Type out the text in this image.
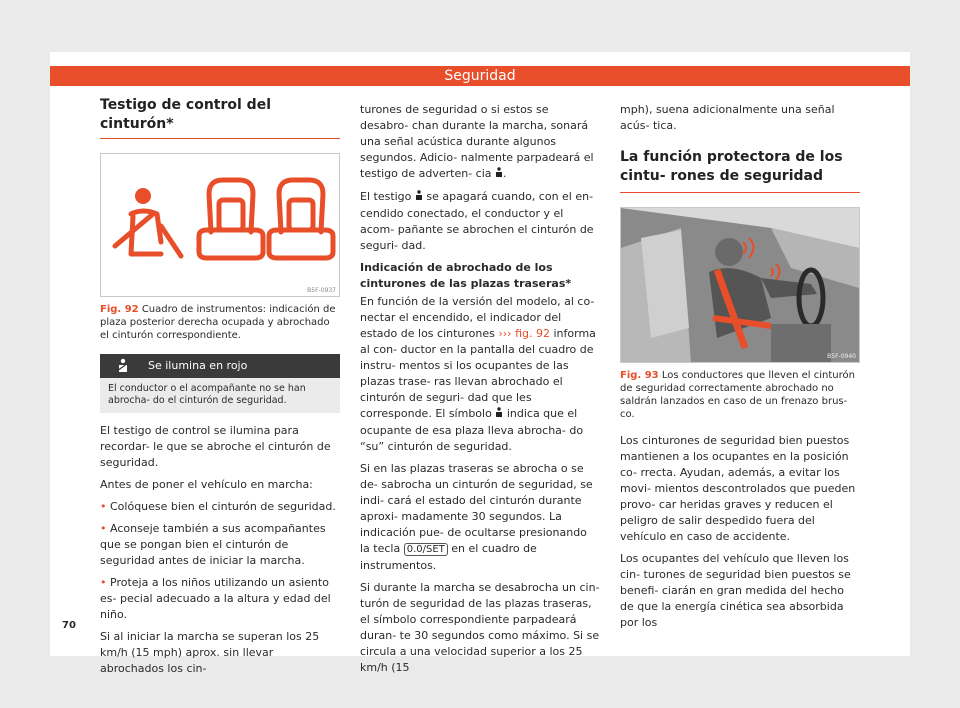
Seguridad
Testigo de control del cinturón*
B5F-0937
Fig. 92 Cuadro de instrumentos: indicación de plaza posterior derecha ocupada y abrochado el cinturón correspondiente.
Se ilumina en rojo
El conductor o el acompañante no se han abrocha- do el cinturón de seguridad.

El testigo de control se ilumina para recordar- le que se abroche el cinturón de seguridad.

Antes de poner el vehículo en marcha:

• Colóquese bien el cinturón de seguridad.

• Aconseje también a sus acompañantes que se pongan bien el cinturón de seguridad antes de iniciar la marcha.

• Proteja a los niños utilizando un asiento es- pecial adecuado a la altura y edad del niño.

Si al iniciar la marcha se superan los 25 km/h (15 mph) aprox. sin llevar abrochados los cin-

turones de seguridad o si estos se desabro- chan durante la marcha, sonará una señal acústica durante algunos segundos. Adicio- nalmente parpadeará el testigo de adverten- cia .

El testigo se apagará cuando, con el en- cendido conectado, el conductor y el acom- pañante se abrochen el cinturón de seguri- dad.

Indicación de abrochado de los cinturones de las plazas traseras*

En función de la versión del modelo, al co- nectar el encendido, el indicador del estado de los cinturones ››› fig. 92 informa al con- ductor en la pantalla del cuadro de instru- mentos si los ocupantes de las plazas trase- ras llevan abrochado el cinturón de seguri- dad que les corresponde. El símbolo indica que el ocupante de esa plaza lleva abrocha- do “su” cinturón de seguridad.

Si en las plazas traseras se abrocha o se de- sabrocha un cinturón de seguridad, se indi- cará el estado del cinturón durante aproxi- madamente 30 segundos. La indicación pue- de ocultarse presionando la tecla 0.0/SET en el cuadro de instrumentos.

Si durante la marcha se desabrocha un cin- turón de seguridad de las plazas traseras, el símbolo correspondiente parpadeará duran- te 30 segundos como máximo. Si se circula a una velocidad superior a los 25 km/h (15

mph), suena adicionalmente una señal acús- tica.

La función protectora de los cintu- rones de seguridad
B5F-0940
Fig. 93 Los conductores que lleven el cinturón de seguridad correctamente abrochado no saldrán lanzados en caso de un frenazo brus- co.

Los cinturones de seguridad bien puestos mantienen a los ocupantes en la posición co- rrecta. Ayudan, además, a evitar los movi- mientos descontrolados que pueden provo- car heridas graves y reducen el peligro de salir despedido fuera del vehículo en caso de accidente.

Los ocupantes del vehículo que lleven los cin- turones de seguridad bien puestos se benefi- ciarán en gran medida del hecho de que la energía cinética sea absorbida por los

70
